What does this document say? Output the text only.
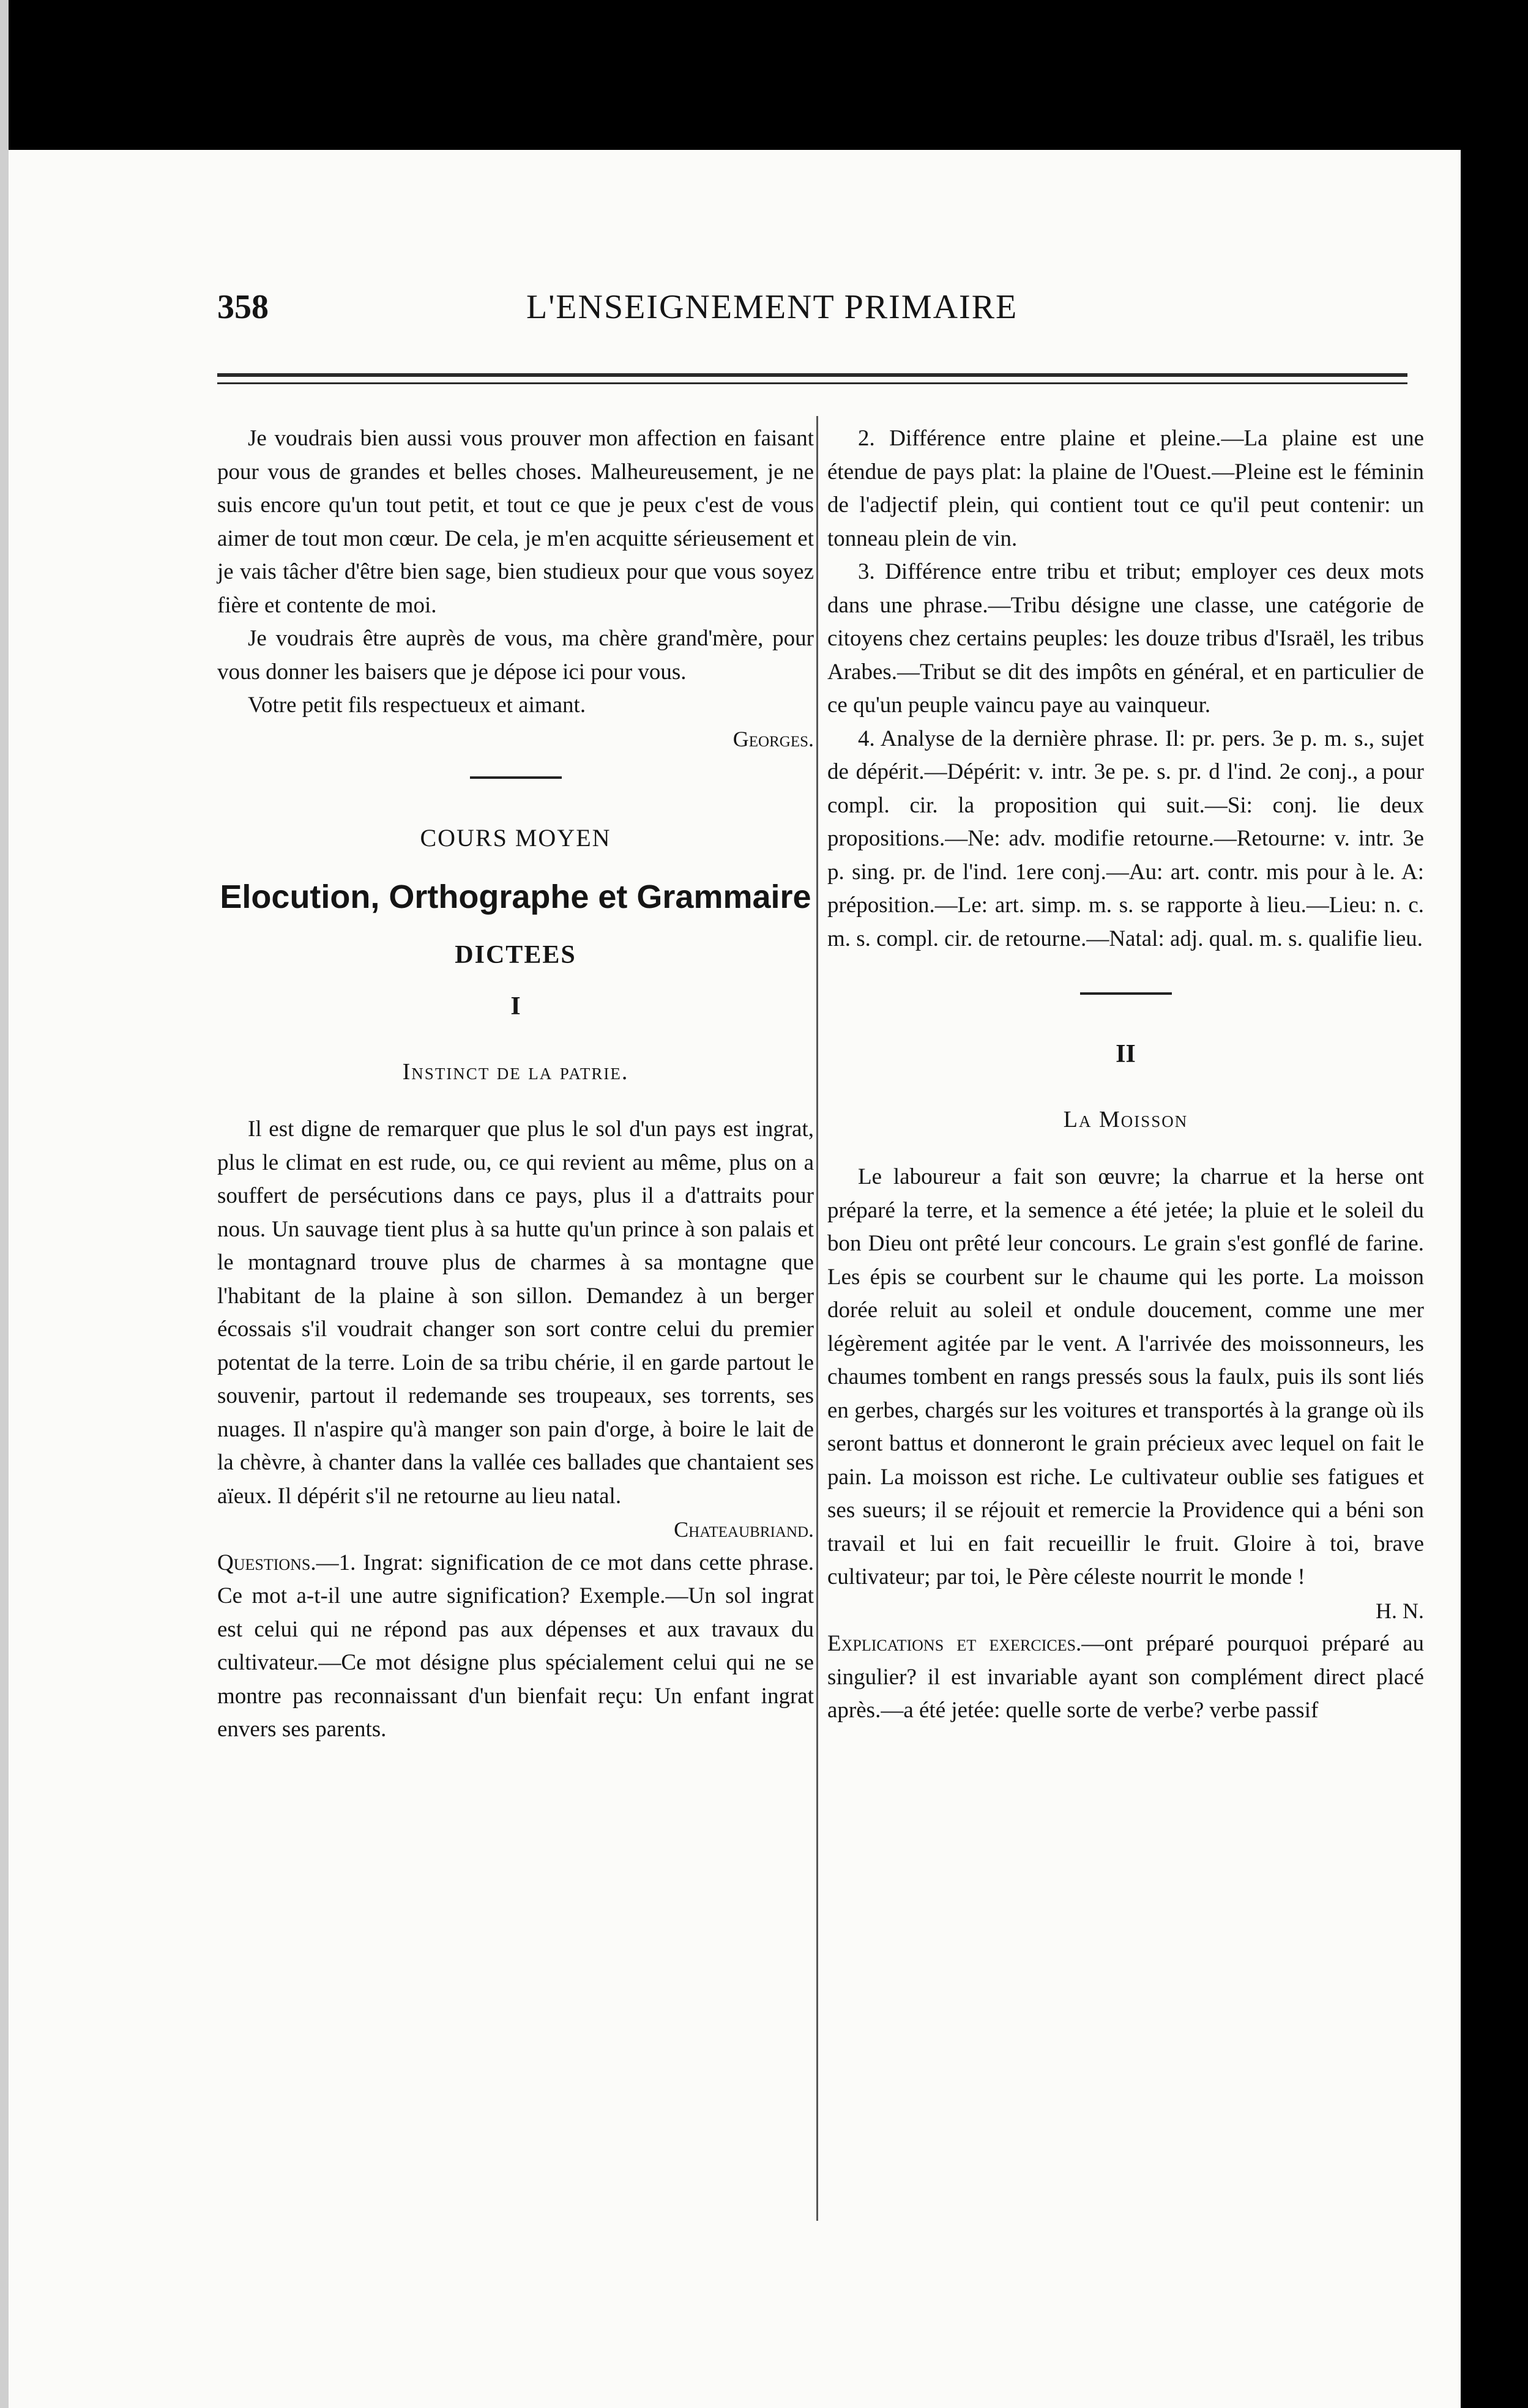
358	L'ENSEIGNEMENT PRIMAIRE

Je voudrais bien aussi vous prouver mon affection en faisant pour vous de grandes et belles choses. Malheureusement, je ne suis encore qu'un tout petit, et tout ce que je peux c'est de vous aimer de tout mon cœur. De cela, je m'en acquitte sérieusement et je vais tâcher d'être bien sage, bien studieux pour que vous soyez fière et contente de moi.

Je voudrais être auprès de vous, ma chère grand'mère, pour vous donner les baisers que je dépose ici pour vous.

Votre petit fils respectueux et aimant.

Georges.

COURS MOYEN
Elocution, Orthographe et Grammaire
DICTEES
I
Instinct de la patrie.

Il est digne de remarquer que plus le sol d'un pays est ingrat, plus le climat en est rude, ou, ce qui revient au même, plus on a souffert de persécutions dans ce pays, plus il a d'attraits pour nous. Un sauvage tient plus à sa hutte qu'un prince à son palais et le montagnard trouve plus de charmes à sa montagne que l'habitant de la plaine à son sillon. Demandez à un berger écossais s'il voudrait changer son sort contre celui du premier potentat de la terre. Loin de sa tribu chérie, il en garde partout le souvenir, partout il redemande ses troupeaux, ses torrents, ses nuages. Il n'aspire qu'à manger son pain d'orge, à boire le lait de la chèvre, à chanter dans la vallée ces ballades que chantaient ses aïeux. Il dépérit s'il ne retourne au lieu natal.

Chateaubriand.

Questions.—1. Ingrat: signification de ce mot dans cette phrase. Ce mot a-t-il une autre signification? Exemple.—Un sol ingrat est celui qui ne répond pas aux dépenses et aux travaux du cultivateur.—Ce mot désigne plus spécialement celui qui ne se montre pas reconnaissant d'un bienfait reçu: Un enfant ingrat envers ses parents.

2. Différence entre plaine et pleine.—La plaine est une étendue de pays plat: la plaine de l'Ouest.—Pleine est le féminin de l'adjectif plein, qui contient tout ce qu'il peut contenir: un tonneau plein de vin.

3. Différence entre tribu et tribut; employer ces deux mots dans une phrase.—Tribu désigne une classe, une catégorie de citoyens chez certains peuples: les douze tribus d'Israël, les tribus Arabes.—Tribut se dit des impôts en général, et en particulier de ce qu'un peuple vaincu paye au vainqueur.

4. Analyse de la dernière phrase. Il: pr. pers. 3e p. m. s., sujet de dépérit.—Dépérit: v. intr. 3e pe. s. pr. d l'ind. 2e conj., a pour compl. cir. la proposition qui suit.—Si: conj. lie deux propositions.—Ne: adv. modifie retourne.—Retourne: v. intr. 3e p. sing. pr. de l'ind. 1ere conj.—Au: art. contr. mis pour à le. A: préposition.—Le: art. simp. m. s. se rapporte à lieu.—Lieu: n. c. m. s. compl. cir. de retourne.—Natal: adj. qual. m. s. qualifie lieu.

II
La Moisson

Le laboureur a fait son œuvre; la charrue et la herse ont préparé la terre, et la semence a été jetée; la pluie et le soleil du bon Dieu ont prêté leur concours. Le grain s'est gonflé de farine. Les épis se courbent sur le chaume qui les porte. La moisson dorée reluit au soleil et ondule doucement, comme une mer légèrement agitée par le vent. A l'arrivée des moissonneurs, les chaumes tombent en rangs pressés sous la faulx, puis ils sont liés en gerbes, chargés sur les voitures et transportés à la grange où ils seront battus et donneront le grain précieux avec lequel on fait le pain. La moisson est riche. Le cultivateur oublie ses fatigues et ses sueurs; il se réjouit et remercie la Providence qui a béni son travail et lui en fait recueillir le fruit. Gloire à toi, brave cultivateur; par toi, le Père céleste nourrit le monde !

H. N.

Explications et exercices.—ont préparé pourquoi préparé au singulier? il est invariable ayant son complément direct placé après.—a été jetée: quelle sorte de verbe? verbe passif
